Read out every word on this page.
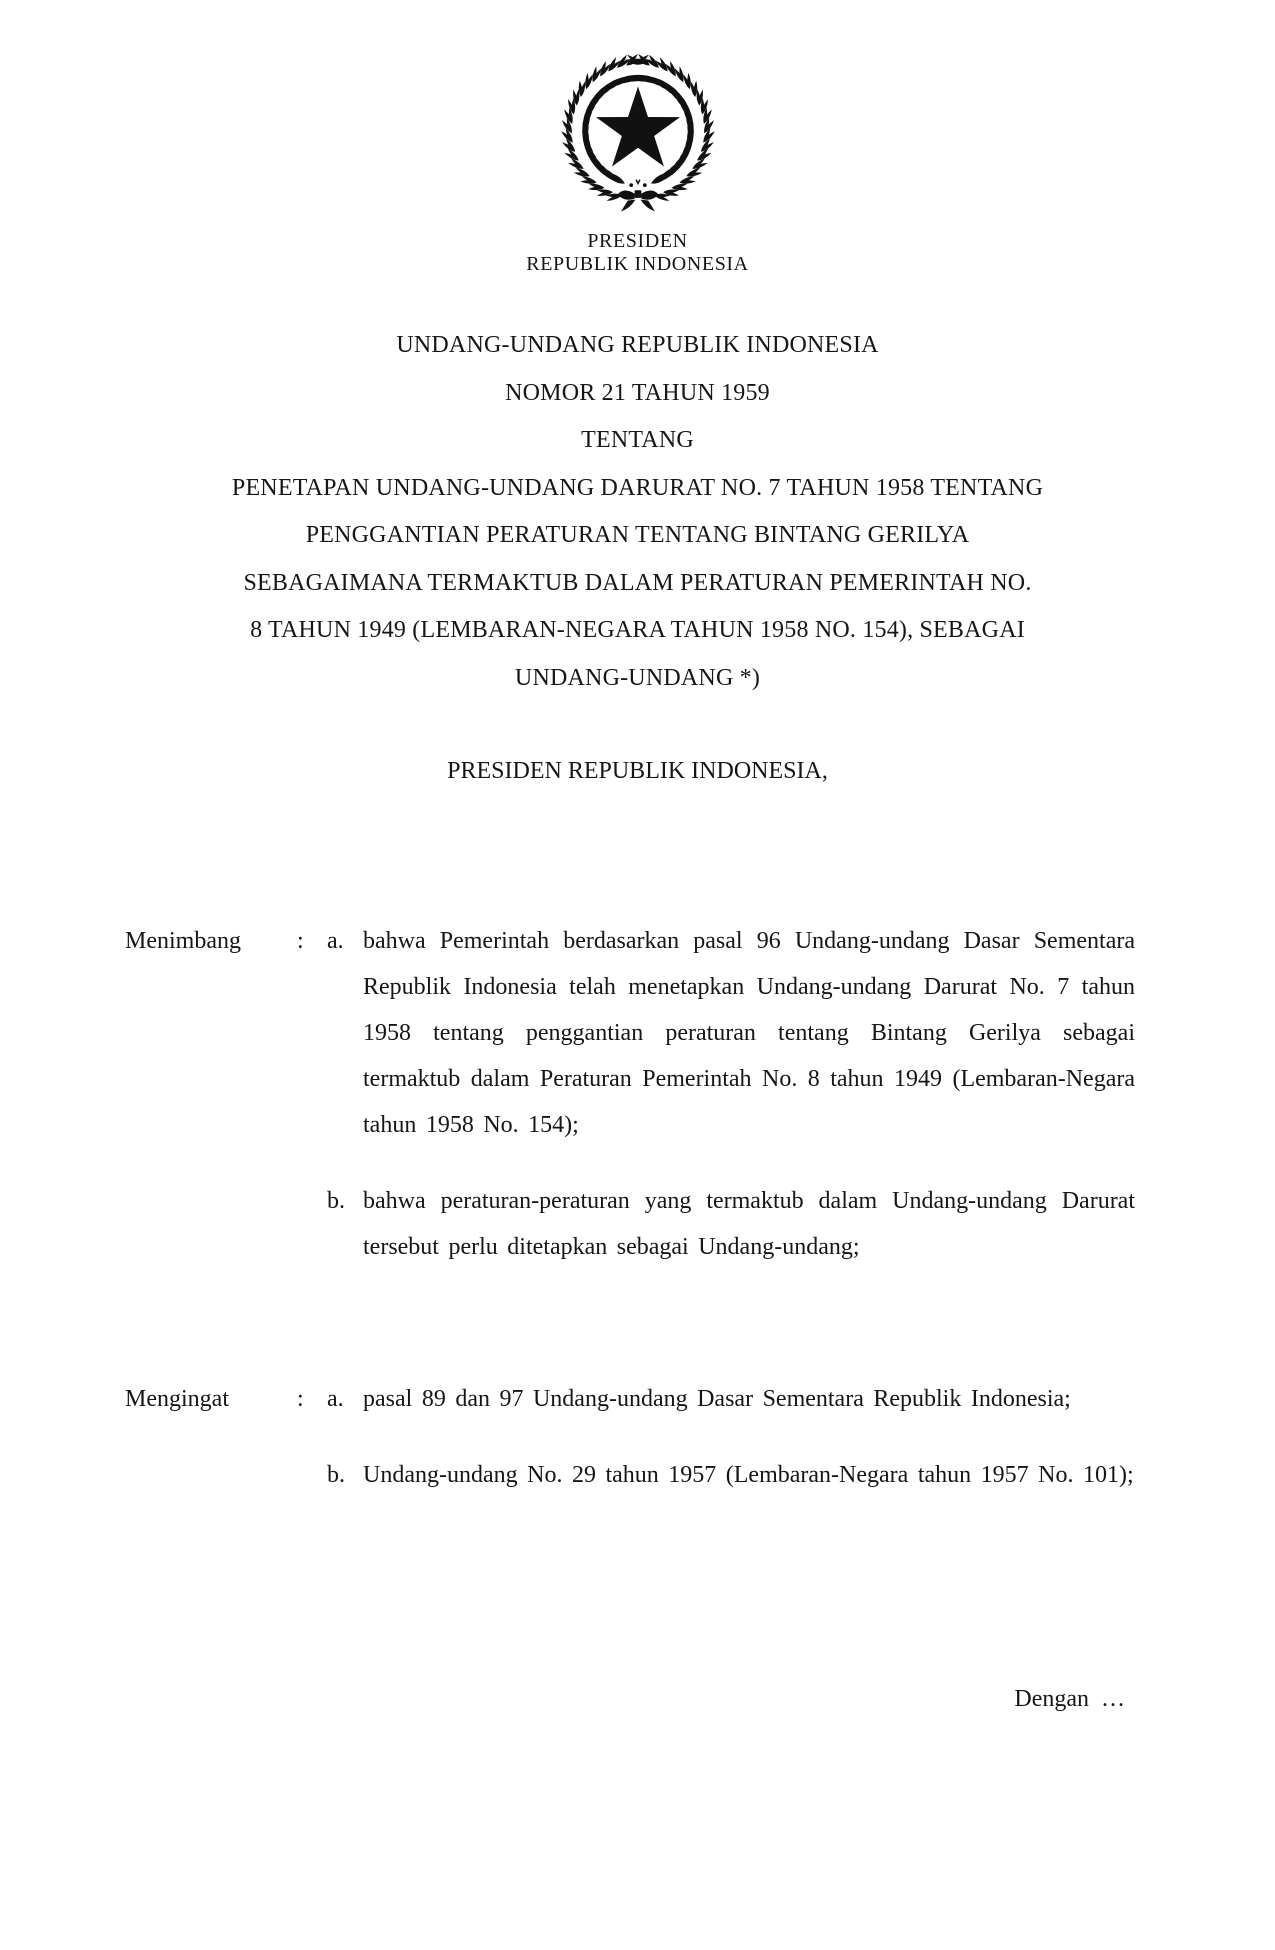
PRESIDEN
REPUBLIK INDONESIA
UNDANG-UNDANG REPUBLIK INDONESIA
NOMOR 21 TAHUN 1959
TENTANG
PENETAPAN UNDANG-UNDANG DARURAT NO. 7 TAHUN 1958 TENTANG
PENGGANTIAN PERATURAN TENTANG BINTANG GERILYA
SEBAGAIMANA TERMAKTUB DALAM PERATURAN PEMERINTAH NO.
8 TAHUN 1949 (LEMBARAN-NEGARA TAHUN 1958 NO. 154), SEBAGAI
UNDANG-UNDANG *)
PRESIDEN REPUBLIK INDONESIA,
Menimbang	: a. bahwa Pemerintah berdasarkan pasal 96 Undang-undang Dasar Sementara Republik Indonesia telah menetapkan Undang-undang Darurat No. 7 tahun 1958 tentang penggantian peraturan tentang Bintang Gerilya sebagai termaktub dalam Peraturan Pemerintah No. 8 tahun 1949 (Lembaran-Negara tahun 1958 No. 154);
b. bahwa peraturan-peraturan yang termaktub dalam Undang-undang Darurat tersebut perlu ditetapkan sebagai Undang-undang;
Mengingat	: a. pasal 89 dan 97 Undang-undang Dasar Sementara Republik Indonesia;
b. Undang-undang No. 29 tahun 1957 (Lembaran-Negara tahun 1957 No. 101);
Dengan …
